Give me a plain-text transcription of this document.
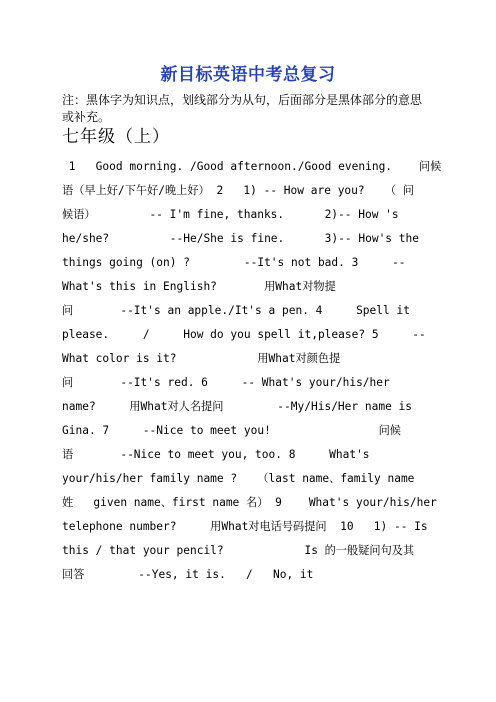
新目标英语中考总复习
注：黑体字为知识点，划线部分为从句，后面部分是黑体部分的意思或补充。
七年级（上）
1   Good morning. /Good afternoon./Good evening.    问候
语（早上好/下午好/晚上好） 2   1) -- How are you?   （ 问
候语）        -- I'm fine, thanks.      2)-- How 's
he/she?         --He/She is fine.      3)-- How's the
things going (on) ?        --It's not bad. 3     --
What's this in English?       用What对物提
问       --It's an apple./It's a pen. 4     Spell it
please.     /     How do you spell it,please? 5     --
What color is it?            用What对颜色提
问       --It's red. 6     -- What's your/his/her
name?     用What对人名提问        --My/His/Her name is
Gina. 7     --Nice to meet you!                问候
语       --Nice to meet you, too. 8     What's
your/his/her family name ?   （last name、family name
姓   given name、first name 名） 9    What's your/his/her
telephone number?     用What对电话号码提问  10   1) -- Is
this / that your pencil?            Is 的一般疑问句及其
回答        --Yes, it is.   /   No, it
